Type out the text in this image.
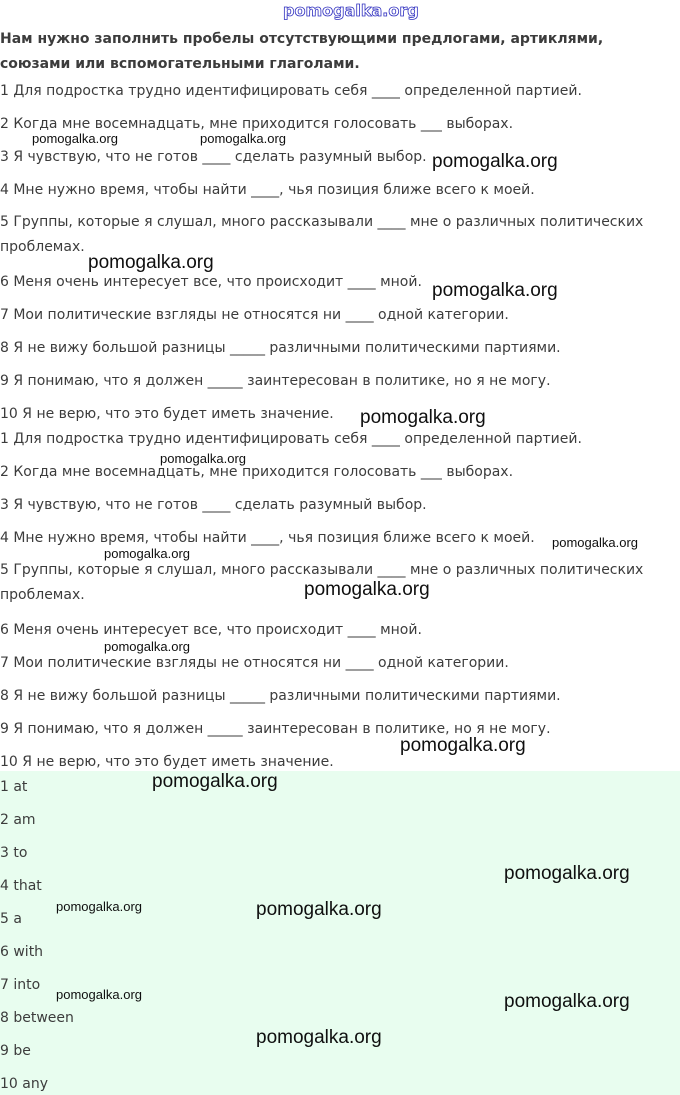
pomogalka.org
Нам нужно заполнить пробелы отсутствующими предлогами, артиклями, союзами или вспомогательными глаголами.
1 Для подростка трудно идентифицировать себя ____ определенной партией.
2 Когда мне восемнадцать, мне приходится голосовать ___ выборах.
3 Я чувствую, что не готов ____ сделать разумный выбор.
4 Мне нужно время, чтобы найти ____, чья позиция ближе всего к моей.
5 Группы, которые я слушал, много рассказывали ____ мне о различных политических проблемах.
6 Меня очень интересует все, что происходит ____ мной.
7 Мои политические взгляды не относятся ни ____ одной категории.
8 Я не вижу большой разницы _____ различными политическими партиями.
9 Я понимаю, что я должен _____ заинтересован в политике, но я не могу.
10 Я не верю, что это будет иметь значение.
1 Для подростка трудно идентифицировать себя ____ определенной партией.
2 Когда мне восемнадцать, мне приходится голосовать ___ выборах.
3 Я чувствую, что не готов ____ сделать разумный выбор.
4 Мне нужно время, чтобы найти ____, чья позиция ближе всего к моей.
5 Группы, которые я слушал, много рассказывали ____ мне о различных политических проблемах.
6 Меня очень интересует все, что происходит ____ мной.
7 Мои политические взгляды не относятся ни ____ одной категории.
8 Я не вижу большой разницы _____ различными политическими партиями.
9 Я понимаю, что я должен _____ заинтересован в политике, но я не могу.
10 Я не верю, что это будет иметь значение.
1 at
2 am
3 to
4 that
5 a
6 with
7 into
8 between
9 be
10 any
pomogalka.org	pomogalka.org
pomogalka.org
pomogalka.org
pomogalka.org
pomogalka.org
pomogalka.org
pomogalka.org
pomogalka.org
pomogalka.org
pomogalka.org
pomogalka.org
pomogalka.org
pomogalka.org
pomogalka.org	pomogalka.org
pomogalka.org	pomogalka.org
pomogalka.org
